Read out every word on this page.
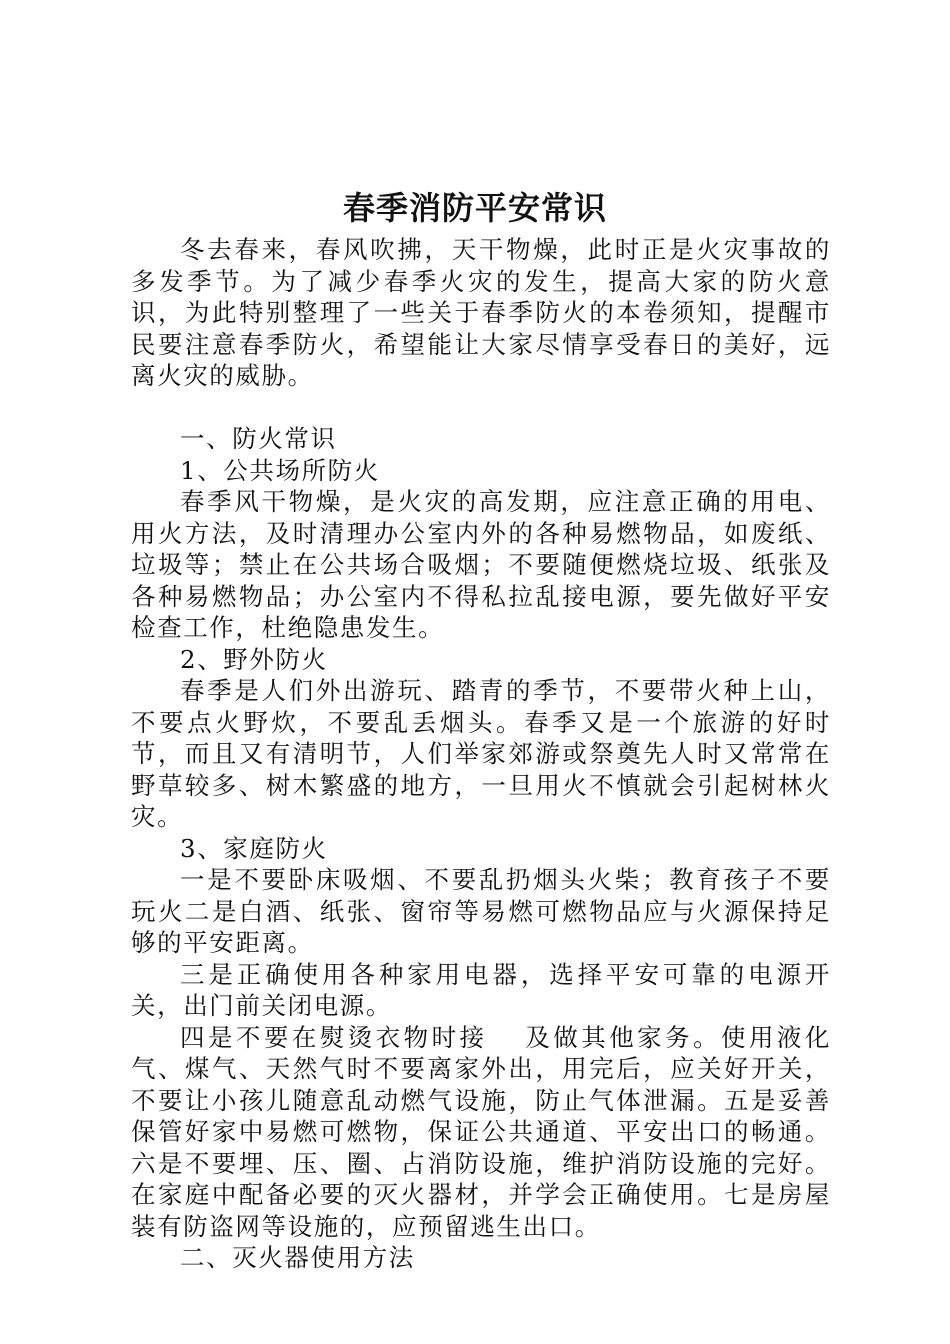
春季消防平安常识

冬去春来，春风吹拂，天干物燥，此时正是火灾事故的多发季节。为了减少春季火灾的发生，提高大家的防火意识，为此特别整理了一些关于春季防火的本卷须知，提醒市民要注意春季防火，希望能让大家尽情享受春日的美好，远离火灾的威胁。

一、防火常识

1、公共场所防火

春季风干物燥，是火灾的高发期，应注意正确的用电、用火方法，及时清理办公室内外的各种易燃物品，如废纸、垃圾等；禁止在公共场合吸烟；不要随便燃烧垃圾、纸张及各种易燃物品；办公室内不得私拉乱接电源，要先做好平安检查工作，杜绝隐患发生。

2、野外防火

春季是人们外出游玩、踏青的季节，不要带火种上山，不要点火野炊，不要乱丢烟头。春季又是一个旅游的好时节，而且又有清明节，人们举家郊游或祭奠先人时又常常在野草较多、树木繁盛的地方，一旦用火不慎就会引起树林火灾。

3、家庭防火

一是不要卧床吸烟、不要乱扔烟头火柴；教育孩子不要玩火二是白酒、纸张、窗帘等易燃可燃物品应与火源保持足够的平安距离。

三是正确使用各种家用电器，选择平安可靠的电源开关，出门前关闭电源。

四是不要在熨烫衣物时接 及做其他家务。使用液化气、煤气、天然气时不要离家外出，用完后，应关好开关，不要让小孩儿随意乱动燃气设施，防止气体泄漏。五是妥善保管好家中易燃可燃物，保证公共通道、平安出口的畅通。六是不要埋、压、圈、占消防设施，维护消防设施的完好。在家庭中配备必要的灭火器材，并学会正确使用。七是房屋装有防盗网等设施的，应预留逃生出口。

二、灭火器使用方法
